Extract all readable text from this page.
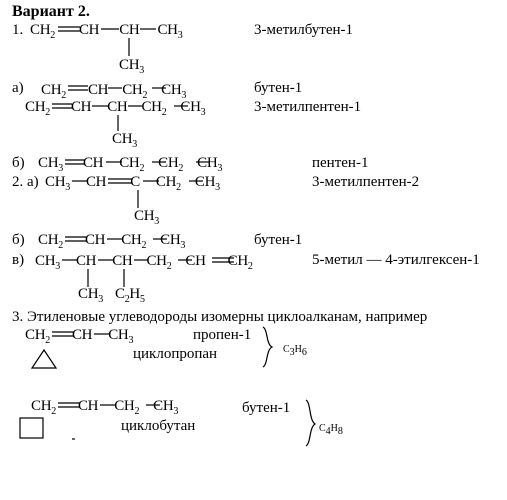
Вариант 2.
1. $CH_2$ CH CH $CH_3$
$CH_3$
3-метилбутен-1
а) $CH_2$ CH $CH_2$ $CH_3$	бутен-1
$CH_2$ CH CH $CH_2$ $CH_3$
$CH_3$
3-метилпентен-1
б) $CH_3$ CH $CH_2$ $CH_2$ $CH_3$	пентен-1
2. а) $CH_3$ CH C $CH_2$ $CH_3$
$CH_3$
3-метилпентен-2
б) $CH_2$ CH $CH_2$ $CH_3$	бутен-1
в) $CH_3$ CH CH $CH_2$ CH $CH_2$
$CH_3$ $C_2H_5$
5-метил — 4-этилгексен-1
3. Этиленовые углеводороды изомерны циклоалканам, например
$CH_2$ CH $CH_3$	пропен-1
циклопропан	$C_3H_6$
$CH_2$ CH $CH_2$ $CH_3$	бутен-1
циклобутан	$C_4H_8$
